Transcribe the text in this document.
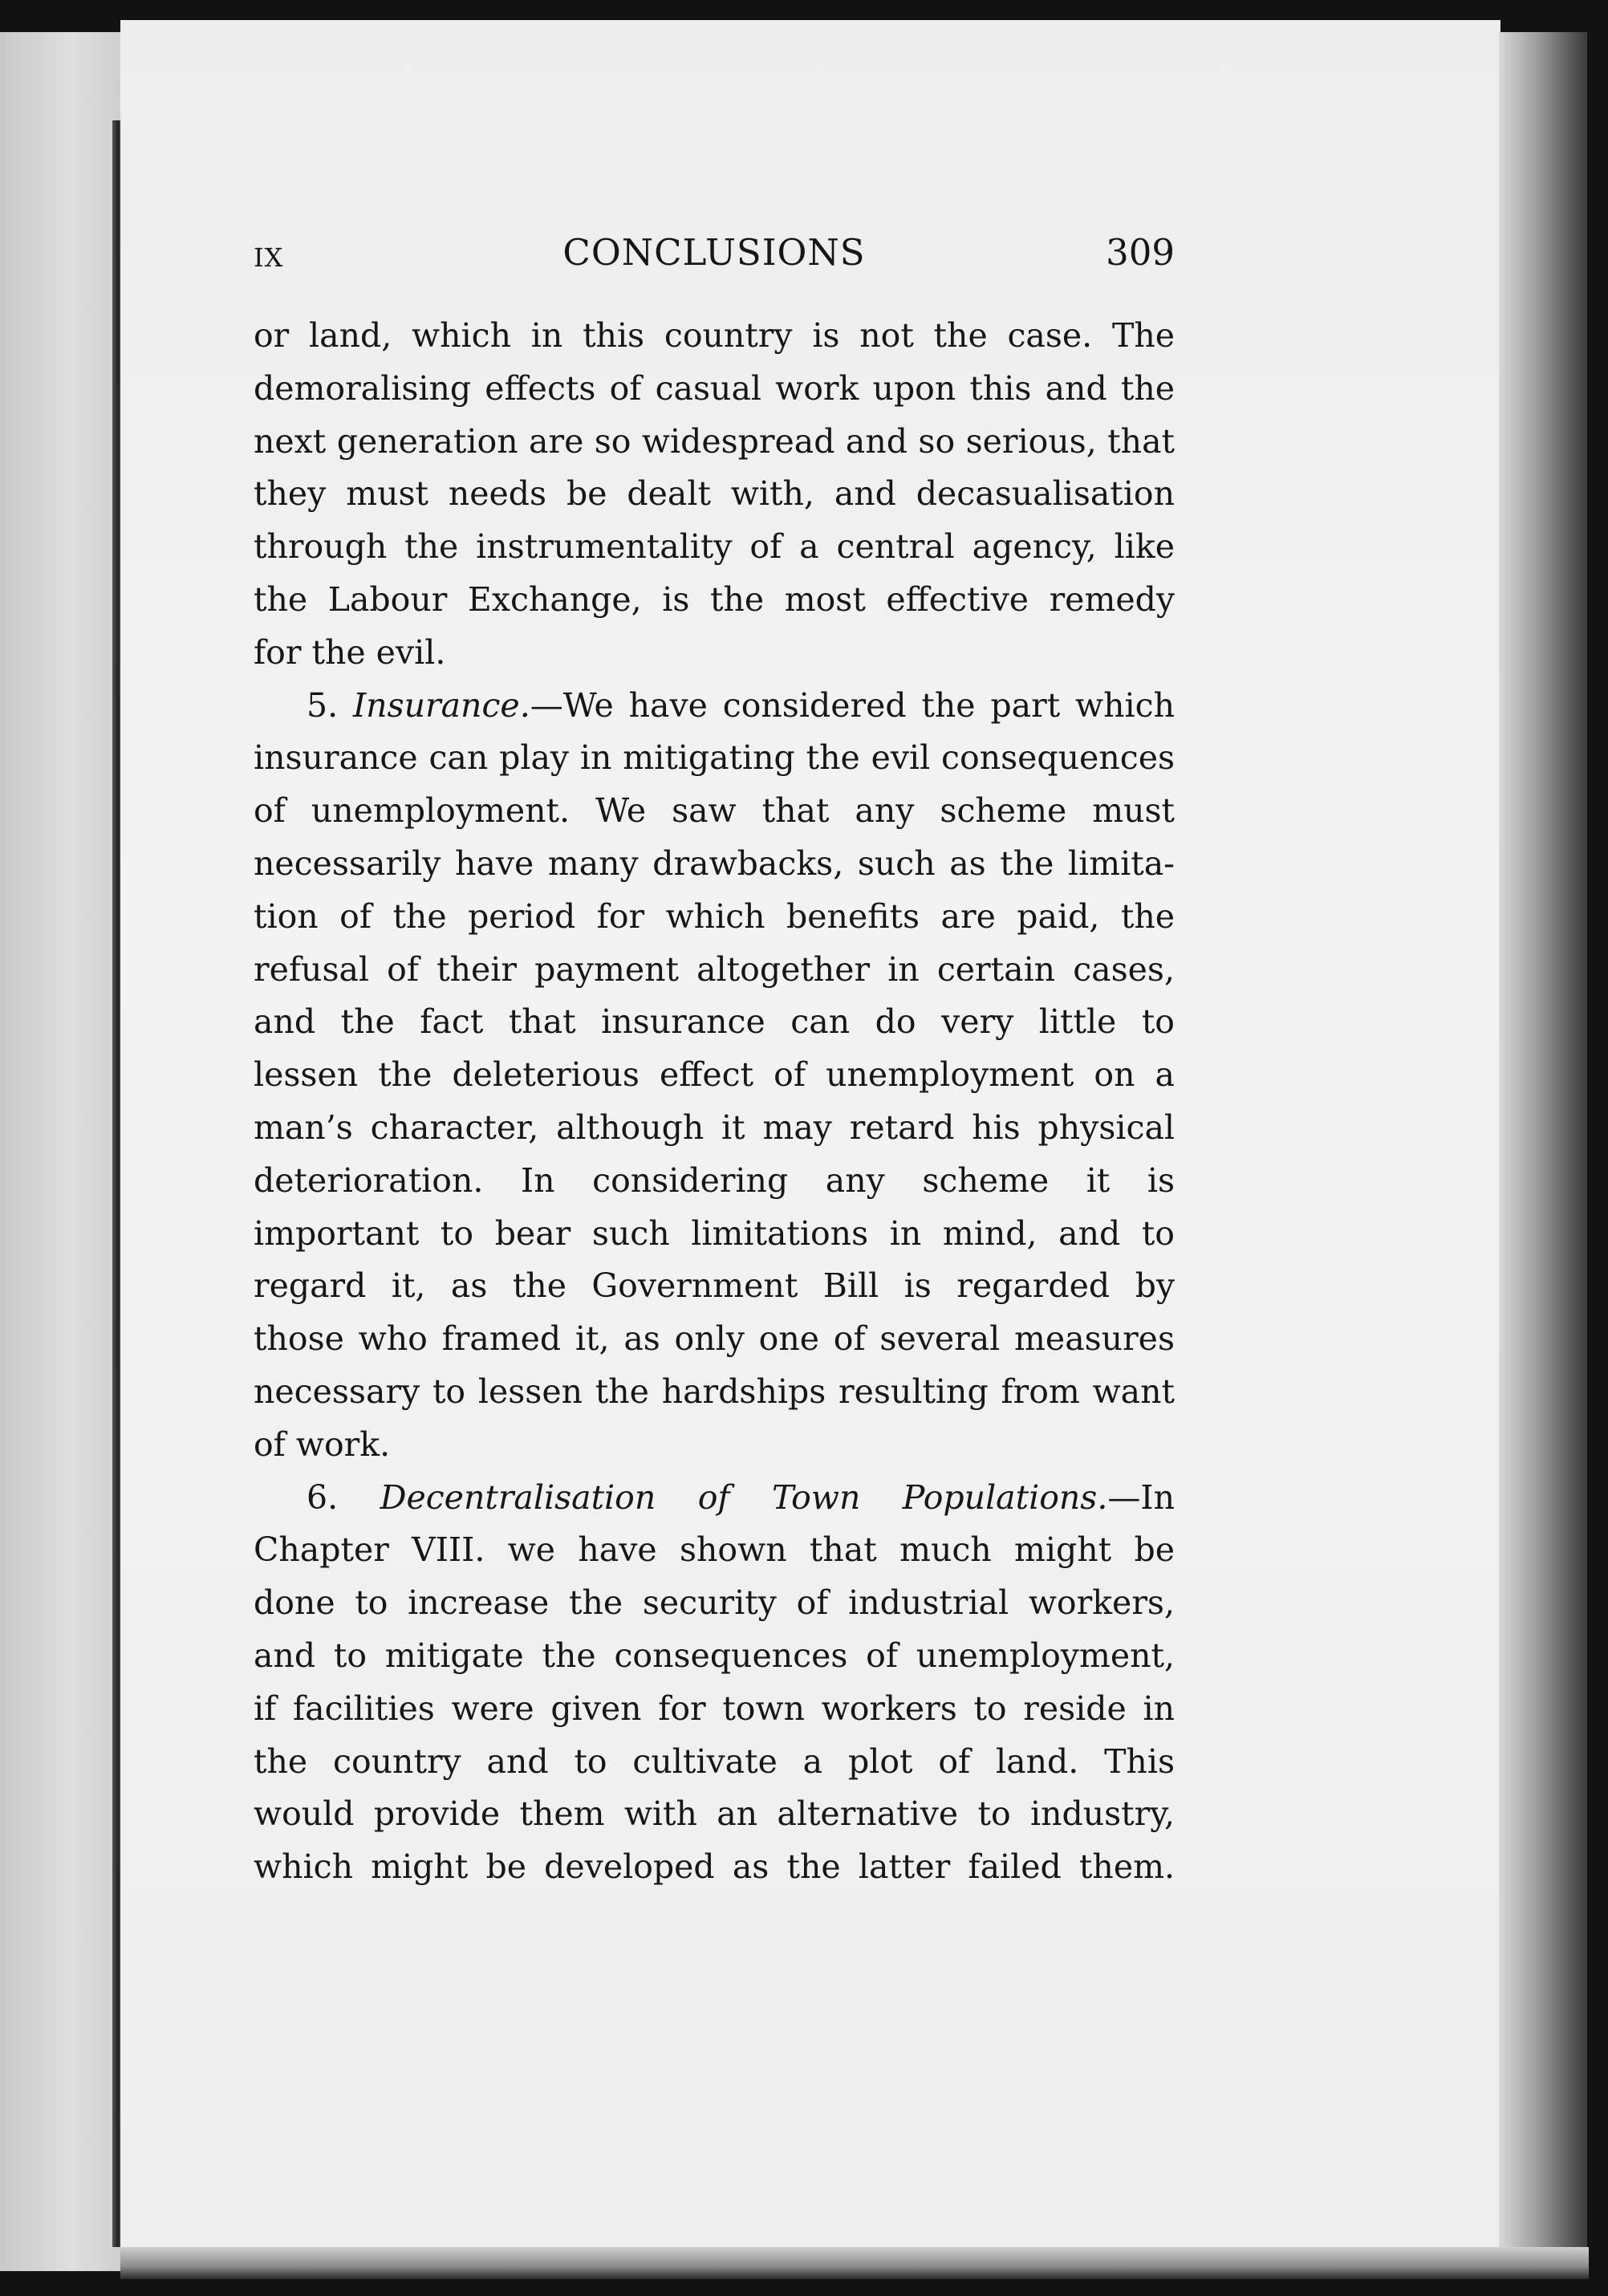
IX	CONCLUSIONS	309
or land, which in this country is not the case. The
demoralising effects of casual work upon this and the
next generation are so widespread and so serious, that
they must needs be dealt with, and decasualisation
through the instrumentality of a central agency, like
the Labour Exchange, is the most effective remedy
for the evil.
5. Insurance.—We have considered the part which
insurance can play in mitigating the evil consequences
of unemployment. We saw that any scheme must
necessarily have many drawbacks, such as the limita-
tion of the period for which benefits are paid, the
refusal of their payment altogether in certain cases,
and the fact that insurance can do very little to
lessen the deleterious effect of unemployment on a
man’s character, although it may retard his physical
deterioration. In considering any scheme it is
important to bear such limitations in mind, and to
regard it, as the Government Bill is regarded by
those who framed it, as only one of several measures
necessary to lessen the hardships resulting from want
of work.
6. Decentralisation of Town Populations.—In
Chapter VIII. we have shown that much might be
done to increase the security of industrial workers,
and to mitigate the consequences of unemployment,
if facilities were given for town workers to reside in
the country and to cultivate a plot of land. This
would provide them with an alternative to industry,
which might be developed as the latter failed them.
